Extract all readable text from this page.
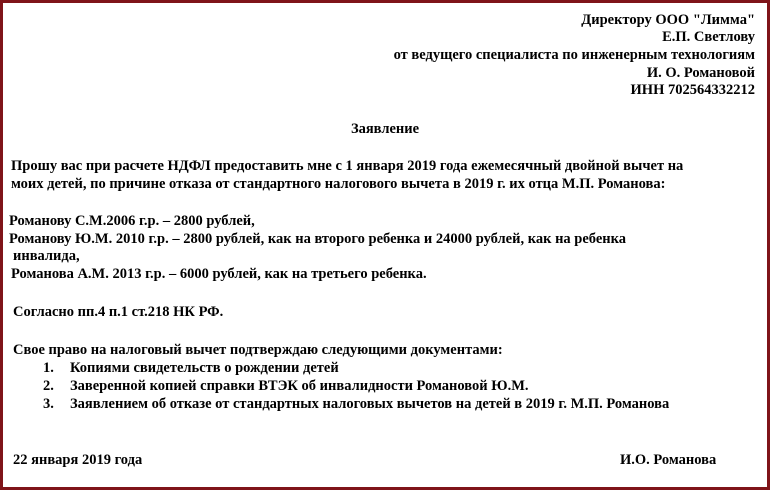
Директору ООО "Лимма"
Е.П. Светлову
от ведущего специалиста по инженерным технологиям
И. О. Романовой
ИНН 702564332212
Заявление
Прошу вас при расчете НДФЛ предоставить мне с 1 января 2019 года ежемесячный двойной вычет на
моих детей, по причине отказа от стандартного налогового вычета в 2019 г. их отца М.П. Романова:
Романову С.М.2006 г.р. – 2800 рублей,
Романову Ю.М. 2010 г.р. – 2800 рублей, как на второго ребенка и 24000 рублей, как на ребенка
инвалида,
Романова А.М. 2013 г.р. – 6000 рублей, как на третьего ребенка.
Согласно пп.4 п.1 ст.218 НК РФ.
Свое право на налоговый вычет подтверждаю следующими документами:
1. Копиями свидетельств о рождении детей
2. Заверенной копией справки ВТЭК об инвалидности Романовой Ю.М.
3. Заявлением об отказе от стандартных налоговых вычетов на детей в 2019 г. М.П. Романова
22 января 2019 года	И.О. Романова
